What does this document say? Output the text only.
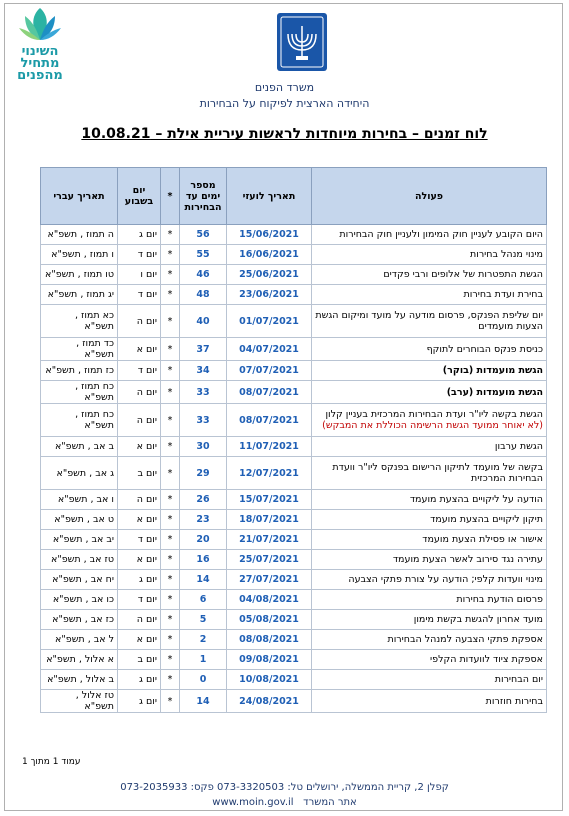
השינוי
מתחיל
מהפנים
משרד הפנים
היחידה הארצית לפיקוח על הבחירות
לוח זמנים – בחירות מיוחדות לראשות עיריית אילת – 10.08.21
פעולה	תאריך לועזי	מספר ימים עד הבחירות	*	יום בשבוע	תאריך עברי
היום הקובע לעניין חוק המימון ולעניין חוק הבחירות	15/06/2021	56	*	יום ג	ה תמוז , תשפ"א
מינוי מנהל בחירות	16/06/2021	55	*	יום ד	ו תמוז , תשפ"א
הגשת התפטרות של אלופים ורבי פקדים	25/06/2021	46	*	יום ו	טו תמוז , תשפ"א
בחירת ועדת בחירות	23/06/2021	48	*	יום ד	יג תמוז , תשפ"א
יום שליפת הפנקס, פרסום מודעה על מועד ומיקום הגשת הצעות מועמדים	01/07/2021	40	*	יום ה	כא תמוז , תשפ"א
כניסת פנקס הבוחרים לתוקף	04/07/2021	37	*	יום א	כד תמוז , תשפ"א
הגשת מועמדות (בוקר)	07/07/2021	34	*	יום ד	כז תמוז , תשפ"א
הגשת מועמדות (ערב)	08/07/2021	33	*	יום ה	כח תמוז , תשפ"א
הגשת בקשה ליו"ר ועדת הבחירות המרכזית בעניין קלון
(לא יאוחר ממועד הגשת הרשימה הכוללת את המבקש)	08/07/2021	33	*	יום ה	כח תמוז , תשפ"א
הגשת ערבון	11/07/2021	30	*	יום א	ב אב , תשפ"א
בקשה של מועמד לתיקון הרישום בפנקס ליו"ר וועדת הבחירות המרכזית	12/07/2021	29	*	יום ב	ג אב , תשפ"א
הודעה על ליקויים בהצעת מועמד	15/07/2021	26	*	יום ה	ו אב , תשפ"א
תיקון ליקויים בהצעת מועמד	18/07/2021	23	*	יום א	ט אב , תשפ"א
אישור או פסילת הצעת מועמד	21/07/2021	20	*	יום ד	יב אב , תשפ"א
עתירה נגד סירוב לאשר הצעת מועמד	25/07/2021	16	*	יום א	טז אב , תשפ"א
מינוי וועדות קלפי; הודעה על צורת פתקי הצבעה	27/07/2021	14	*	יום ג	יח אב , תשפ"א
פרסום הודעת בחירות	04/08/2021	6	*	יום ד	כו אב , תשפ"א
מועד אחרון להגשת בקשת מימון	05/08/2021	5	*	יום ה	כז אב , תשפ"א
אספקת פתקי הצבעה למנהל הבחירות	08/08/2021	2	*	יום א	ל אב , תשפ"א
אספקת ציוד לוועדות הקלפי	09/08/2021	1	*	יום ב	א אלול , תשפ"א
יום הבחירות	10/08/2021	0	*	יום ג	ב אלול , תשפ"א
בחירות חוזרות	24/08/2021	14	*	יום ג	טז אלול , תשפ"א
עמוד 1 מתוך 1
קפלן 2, קריית הממשלה, ירושלים טל: 073-3320503 פקס: 073-2035933
אתר המשרד   www.moin.gov.il
